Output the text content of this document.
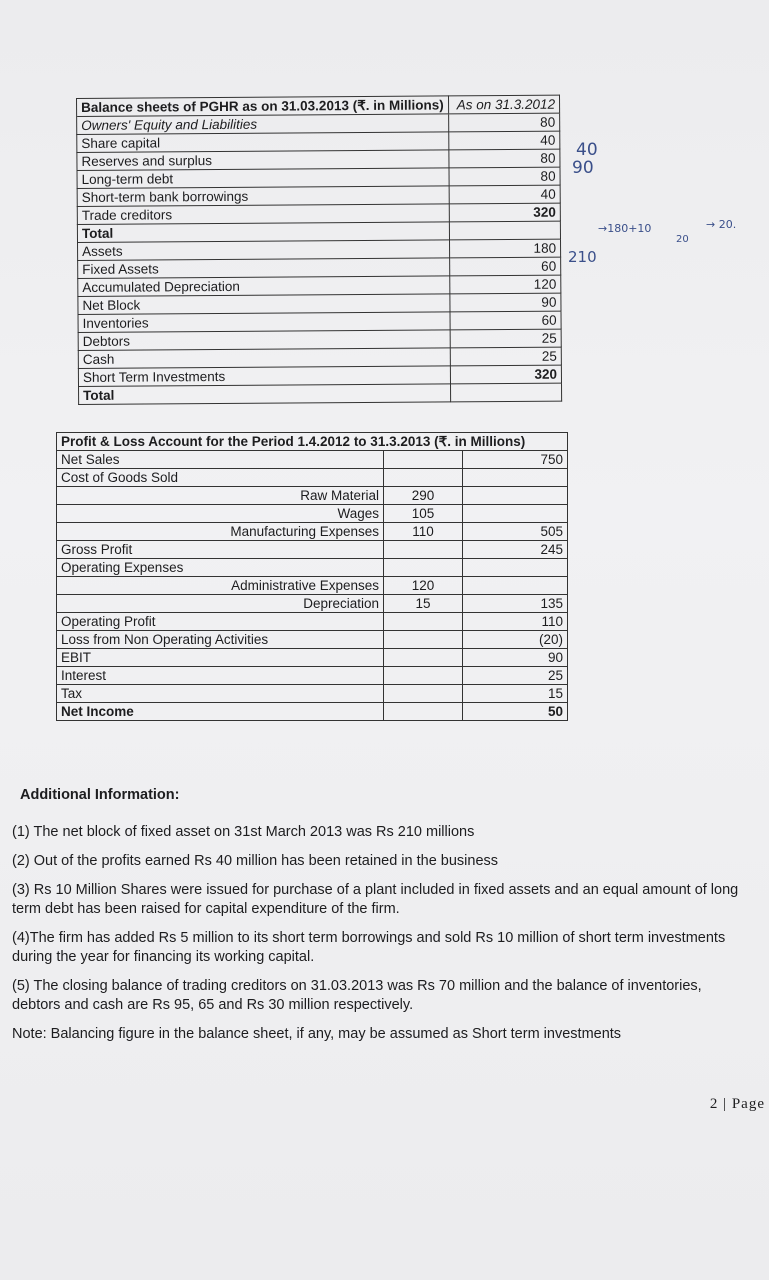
Balance sheets of PGHR as on 31.03.2013 (₹. in Millions)	As on 31.3.2012
Owners' Equity and Liabilities	80
Share capital	40
Reserves and surplus	80
Long-term debt	80
Short-term bank borrowings	40
Trade creditors	320
Total	
Assets	180
Fixed Assets	60
Accumulated Depreciation	120
Net Block	90
Inventories	60
Debtors	25
Cash	25
Short Term Investments	320
Total	
Profit & Loss Account for the Period 1.4.2012 to 31.3.2013 (₹. in Millions)		
Net Sales		750
Cost of Goods Sold		
Raw Material	290	
Wages	105	
Manufacturing Expenses	110	505
Gross Profit		245
Operating Expenses		
Administrative Expenses	120	
Depreciation	15	135
Operating Profit		110
Loss from Non Operating Activities		(20)
EBIT		90
Interest		25
Tax		15
Net Income		50

Additional Information:

(1) The net block of fixed asset on 31st March 2013 was Rs 210 millions

(2) Out of the profits earned Rs 40 million has been retained in the business

(3) Rs 10 Million Shares were issued for purchase of a plant included in fixed assets and an equal amount of long term debt has been raised for capital expenditure of the firm.

(4)The firm has added Rs 5 million to its short term borrowings and sold Rs 10 million of short term investments during the year for financing its working capital.

(5) The closing balance of trading creditors on 31.03.2013 was Rs 70 million and the balance of inventories, debtors and cash are Rs 95, 65 and Rs 30 million respectively.

Note: Balancing figure in the balance sheet, if any, may be assumed as Short term investments

40
90
210
→180+10
20
→ 20.
2 | Page
